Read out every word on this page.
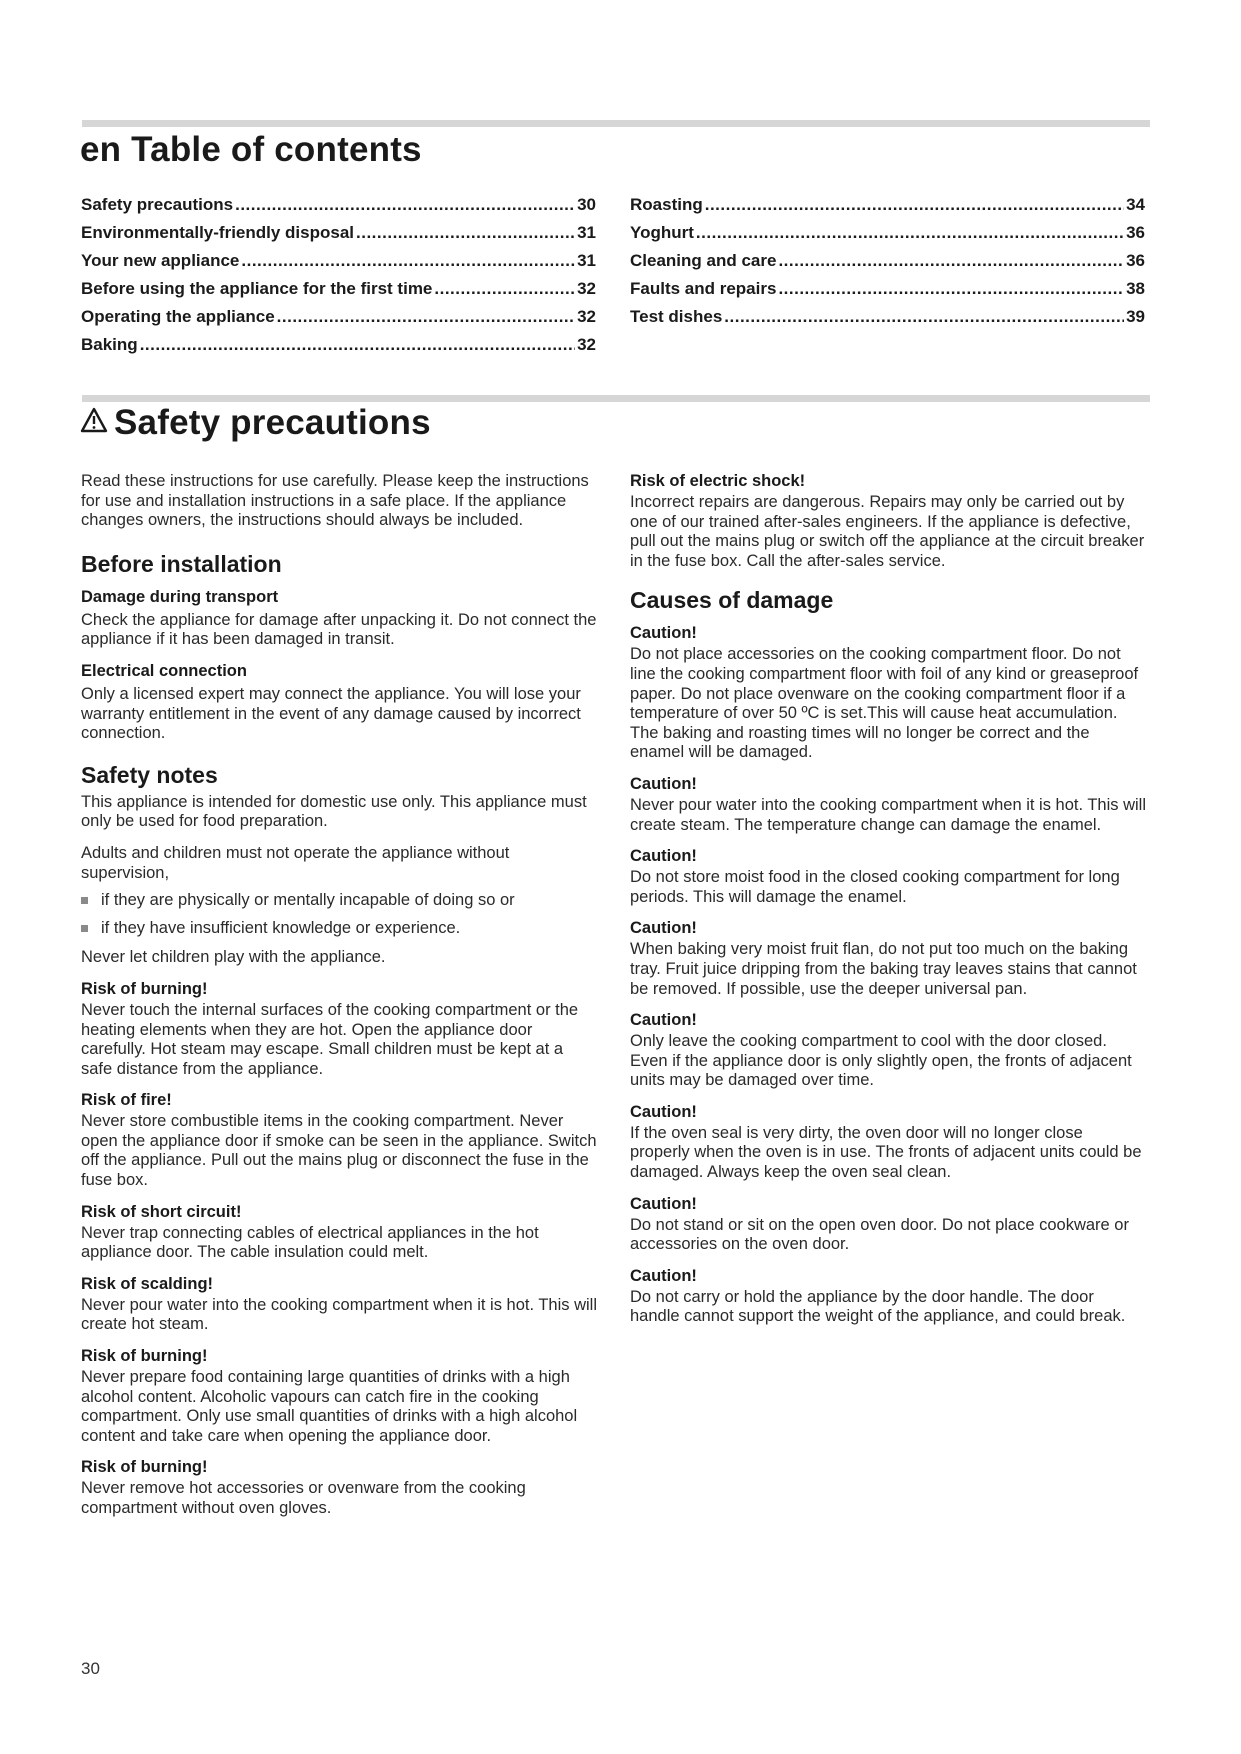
en Table of contents
Safety precautions .....	30
Environmentally-friendly disposal .....	31
Your new appliance .....	31
Before using the appliance for the first time .....	32
Operating the appliance .....	32
Baking .....	32
Roasting .....	34
Yoghurt .....	36
Cleaning and care .....	36
Faults and repairs .....	38
Test dishes .....	39
Safety precautions

Read these instructions for use carefully. Please keep the instructions for use and installation instructions in a safe place. If the appliance changes owners, the instructions should always be included.

Before installation
Damage during transport

Check the appliance for damage after unpacking it. Do not connect the appliance if it has been damaged in transit.

Electrical connection

Only a licensed expert may connect the appliance. You will lose your warranty entitlement in the event of any damage caused by incorrect connection.

Safety notes

This appliance is intended for domestic use only. This appliance must only be used for food preparation.

Adults and children must not operate the appliance without supervision,

if they are physically or mentally incapable of doing so or
if they have insufficient knowledge or experience.

Never let children play with the appliance.

Risk of burning!

Never touch the internal surfaces of the cooking compartment or the heating elements when they are hot. Open the appliance door carefully. Hot steam may escape. Small children must be kept at a safe distance from the appliance.

Risk of fire!

Never store combustible items in the cooking compartment. Never open the appliance door if smoke can be seen in the appliance. Switch off the appliance. Pull out the mains plug or disconnect the fuse in the fuse box.

Risk of short circuit!

Never trap connecting cables of electrical appliances in the hot appliance door. The cable insulation could melt.

Risk of scalding!

Never pour water into the cooking compartment when it is hot. This will create hot steam.

Risk of burning!

Never prepare food containing large quantities of drinks with a high alcohol content. Alcoholic vapours can catch fire in the cooking compartment. Only use small quantities of drinks with a high alcohol content and take care when opening the appliance door.

Risk of burning!

Never remove hot accessories or ovenware from the cooking compartment without oven gloves.

Risk of electric shock!

Incorrect repairs are dangerous. Repairs may only be carried out by one of our trained after-sales engineers. If the appliance is defective, pull out the mains plug or switch off the appliance at the circuit breaker in the fuse box. Call the after-sales service.

Causes of damage
Caution!

Do not place accessories on the cooking compartment floor. Do not line the cooking compartment floor with foil of any kind or greaseproof paper. Do not place ovenware on the cooking compartment floor if a temperature of over 50 ºC is set.This will cause heat accumulation. The baking and roasting times will no longer be correct and the enamel will be damaged.

Caution!

Never pour water into the cooking compartment when it is hot. This will create steam. The temperature change can damage the enamel.

Caution!

Do not store moist food in the closed cooking compartment for long periods. This will damage the enamel.

Caution!

When baking very moist fruit flan, do not put too much on the baking tray. Fruit juice dripping from the baking tray leaves stains that cannot be removed. If possible, use the deeper universal pan.

Caution!

Only leave the cooking compartment to cool with the door closed. Even if the appliance door is only slightly open, the fronts of adjacent units may be damaged over time.

Caution!

If the oven seal is very dirty, the oven door will no longer close properly when the oven is in use. The fronts of adjacent units could be damaged. Always keep the oven seal clean.

Caution!

Do not stand or sit on the open oven door. Do not place cookware or accessories on the oven door.

Caution!

Do not carry or hold the appliance by the door handle. The door handle cannot support the weight of the appliance, and could break.

30
